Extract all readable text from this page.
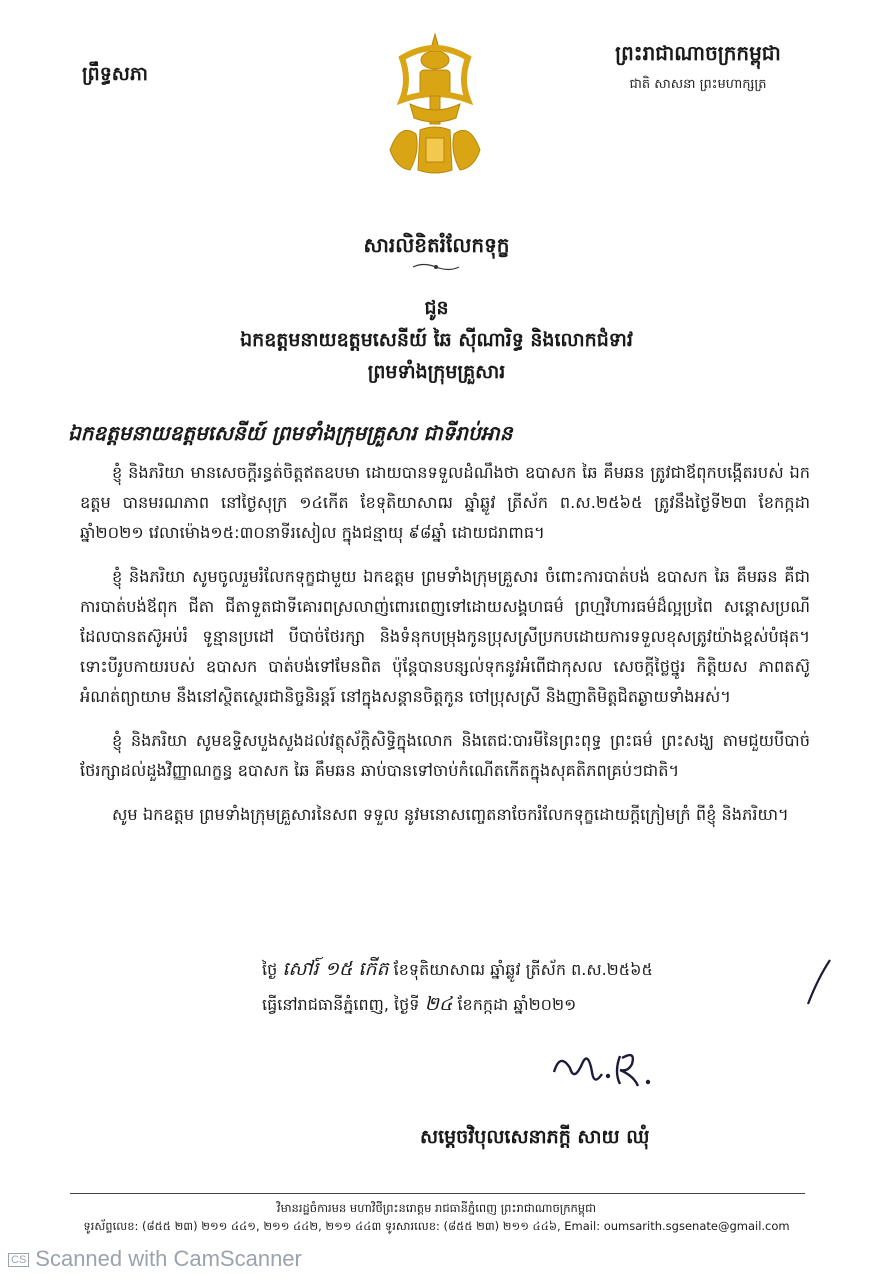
ព្រឹទ្ធសភា
ព្រះរាជាណាចក្រកម្ពុជា
ជាតិ សាសនា ព្រះមហាក្សត្រ
សារលិខិតរំលែកទុក្ខ
ជូន
ឯកឧត្តមនាយឧត្តមសេនីយ៍ ឆៃ ស៊ីណារិទ្ធ និងលោកជំទាវ
ព្រមទាំងក្រុមគ្រួសារ
ឯកឧត្តមនាយឧត្តមសេនីយ៍ ព្រមទាំងក្រុមគ្រួសារ ជាទីរាប់អាន

ខ្ញុំ និងភរិយា មានសេចក្តីរន្ធត់ចិត្តឥតឧបមា ដោយបានទទួលដំណឹងថា ឧបាសក ឆៃ គឹមឆន ត្រូវជាឪពុកបង្កើតរបស់ ឯកឧត្តម បានមរណភាព នៅថ្ងៃសុក្រ ១៤កើត ខែទុតិយាសាឍ ឆ្នាំឆ្លូវ ត្រីស័ក ព.ស.២៥៦៥ ត្រូវនឹងថ្ងៃទី២៣ ខែកក្កដា ឆ្នាំ២០២១ វេលាម៉ោង១៥:៣០នាទីរសៀល ក្នុងជន្មាយុ ៩៨ឆ្នាំ ដោយជរាពាធ។

ខ្ញុំ និងភរិយា សូមចូលរួមរំលែកទុក្ខជាមួយ ឯកឧត្តម ព្រមទាំងក្រុមគ្រួសារ ចំពោះការបាត់បង់ ឧបាសក ឆៃ គឹមឆន គឺជាការបាត់បង់ឪពុក ជីតា ជីតាទួតជាទីគោរពស្រលាញ់ពោរពេញទៅដោយសង្គហធម៌ ព្រហ្មវិហារធម៌ដ៏ល្អប្រពៃ សន្តោសប្រណី ដែលបានតស៊ូអប់រំ ទូន្មានប្រដៅ បីបាច់ថែរក្សា និងទំនុកបម្រុងកូនប្រុសស្រីប្រកបដោយការទទួលខុសត្រូវយ៉ាងខ្ពស់បំផុត។ ទោះបីរូបកាយរបស់ ឧបាសក បាត់បង់ទៅមែនពិត ប៉ុន្តែបានបន្សល់ទុកនូវអំពើជាកុសល សេចក្តីថ្លៃថ្នូរ កិត្តិយស ភាពតស៊ូអំណត់ព្យាយាម នឹងនៅស្ថិតស្ថេរជានិច្ចនិរន្តរ៍ នៅក្នុងសន្តានចិត្តកូន ចៅប្រុសស្រី និងញាតិមិត្តជិតឆ្ងាយទាំងអស់។

ខ្ញុំ និងភរិយា សូមឧទ្ទិសបួងសួងដល់វត្ថុស័ក្តិសិទ្ធិក្នុងលោក និងតេជៈបារមីនៃព្រះពុទ្ធ ព្រះធម៌ ព្រះសង្ឃ តាមជួយបីបាច់ថែរក្សាដល់ដួងវិញ្ញាណក្ខន្ធ ឧបាសក ឆៃ គឹមឆន ឆាប់បានទៅចាប់កំណើតកើតក្នុងសុគតិភពគ្រប់ៗជាតិ។

សូម ឯកឧត្តម ព្រមទាំងក្រុមគ្រួសារនៃសព ទទួល នូវមនោសញ្ចេតនាចែករំលែកទុក្ខដោយក្តីក្រៀមក្រំ ពីខ្ញុំ និងភរិយា។

ថ្ងៃ សៅរ៍ ១៥ កើត ខែទុតិយាសាឍ ឆ្នាំឆ្លូវ ត្រីស័ក ព.ស.២៥៦៥
ធ្វើនៅរាជធានីភ្នំពេញ, ថ្ងៃទី ២៤ ខែកក្កដា ឆ្នាំ២០២១
សម្តេចវិបុលសេនាភក្តី សាយ ឈុំ
វិមានរដ្ឋចំការមន មហាវិថីព្រះនរោត្តម រាជធានីភ្នំពេញ ព្រះរាជាណាចក្រកម្ពុជា
ទូរស័ព្ទលេខ: (៨៥៥ ២៣) ២១១ ៤៤១, ២១១ ៤៤២, ២១១ ៤៤៣ ទូរសារលេខ: (៨៥៥ ២៣) ២១១ ៤៤៦, Email: oumsarith.sgsenate@gmail.com
CS Scanned with CamScanner
